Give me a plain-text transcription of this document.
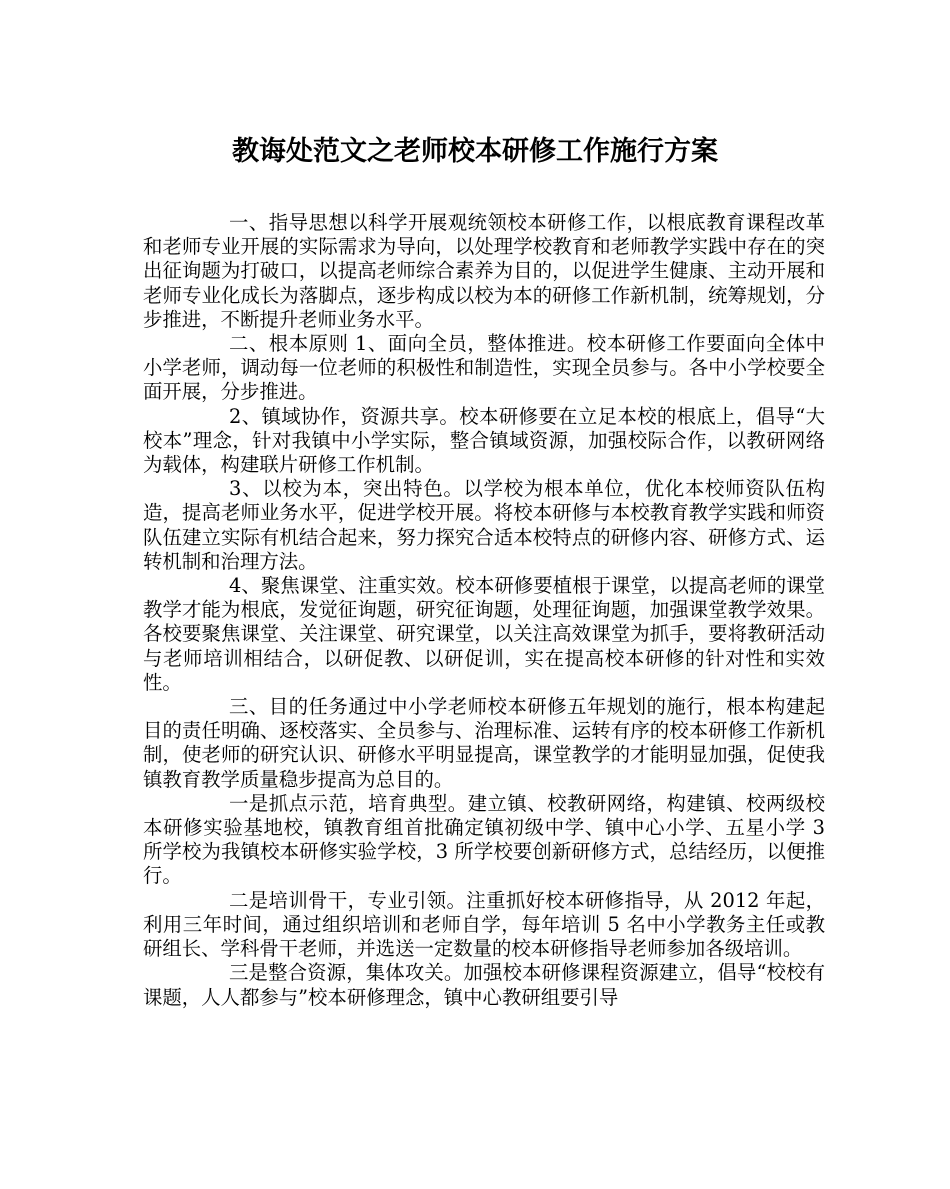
教诲处范文之老师校本研修工作施行方案

一、指导思想以科学开展观统领校本研修工作，以根底教育课程改革和老师专业开展的实际需求为导向，以处理学校教育和老师教学实践中存在的突出征询题为打破口，以提高老师综合素养为目的，以促进学生健康、主动开展和老师专业化成长为落脚点，逐步构成以校为本的研修工作新机制，统筹规划，分步推进，不断提升老师业务水平。

二、根本原则 1、面向全员，整体推进。校本研修工作要面向全体中小学老师，调动每一位老师的积极性和制造性，实现全员参与。各中小学校要全面开展，分步推进。

2、镇域协作，资源共享。校本研修要在立足本校的根底上，倡导“大校本”理念，针对我镇中小学实际，整合镇域资源，加强校际合作，以教研网络为载体，构建联片研修工作机制。

3、以校为本，突出特色。以学校为根本单位，优化本校师资队伍构造，提高老师业务水平，促进学校开展。将校本研修与本校教育教学实践和师资队伍建立实际有机结合起来，努力探究合适本校特点的研修内容、研修方式、运转机制和治理方法。

4、聚焦课堂、注重实效。校本研修要植根于课堂，以提高老师的课堂教学才能为根底，发觉征询题，研究征询题，处理征询题，加强课堂教学效果。各校要聚焦课堂、关注课堂、研究课堂，以关注高效课堂为抓手，要将教研活动与老师培训相结合，以研促教、以研促训，实在提高校本研修的针对性和实效性。

三、目的任务通过中小学老师校本研修五年规划的施行，根本构建起目的责任明确、逐校落实、全员参与、治理标准、运转有序的校本研修工作新机制，使老师的研究认识、研修水平明显提高，课堂教学的才能明显加强，促使我镇教育教学质量稳步提高为总目的。

一是抓点示范，培育典型。建立镇、校教研网络，构建镇、校两级校本研修实验基地校，镇教育组首批确定镇初级中学、镇中心小学、五星小学 3 所学校为我镇校本研修实验学校，3 所学校要创新研修方式，总结经历，以便推行。

二是培训骨干，专业引领。注重抓好校本研修指导，从 2012 年起，利用三年时间，通过组织培训和老师自学，每年培训 5 名中小学教务主任或教研组长、学科骨干老师，并选送一定数量的校本研修指导老师参加各级培训。

三是整合资源，集体攻关。加强校本研修课程资源建立，倡导“校校有课题，人人都参与”校本研修理念，镇中心教研组要引导
